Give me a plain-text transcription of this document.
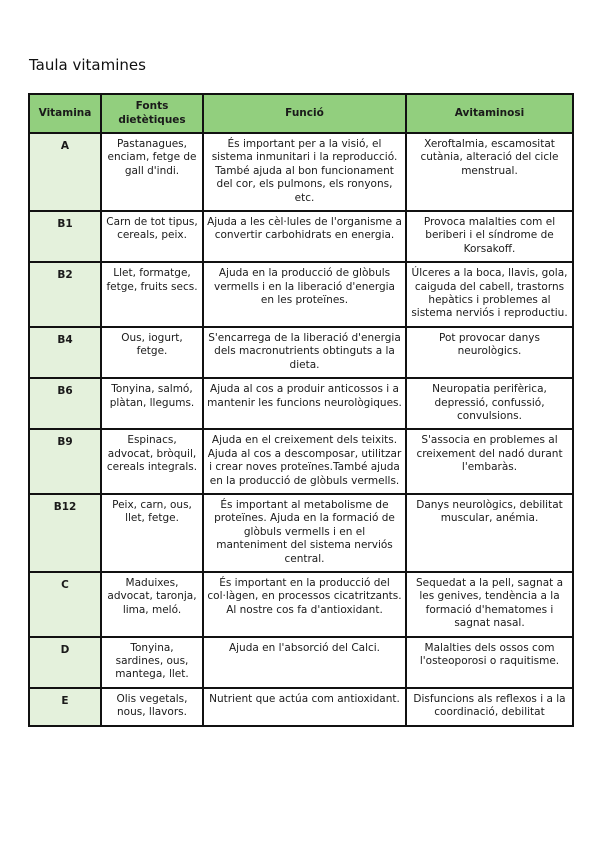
Taula vitamines
Vitamina	Fonts dietètiques	Funció	Avitaminosi
A	Pastanagues, enciam, fetge de gall d'indi.	És important per a la visió, el sistema inmunitari i la reproducció. També ajuda al bon funcionament del cor, els pulmons, els ronyons, etc.	Xeroftalmia, escamositat cutània, alteració del cicle menstrual.
B1	Carn de tot tipus, cereals, peix.	Ajuda a les cèl·lules de l'organisme a convertir carbohidrats en energia.	Provoca malalties com el beriberi i el síndrome de Korsakoff.
B2	Llet, formatge, fetge, fruits secs.	Ajuda en la producció de glòbuls vermells i en la liberació d'energia en les proteïnes.	Úlceres a la boca, llavis, gola, caiguda del cabell, trastorns hepàtics i problemes al sistema nerviós i reproductiu.
B4	Ous, iogurt, fetge.	S'encarrega de la liberació d'energia dels macronutrients obtinguts a la dieta.	Pot provocar danys neurològics.
B6	Tonyina, salmó, plàtan, llegums.	Ajuda al cos a produir anticossos i a mantenir les funcions neurològiques.	Neuropatia perifèrica, depressió, confussió, convulsions.
B9	Espinacs, advocat, bròquil, cereals integrals.	Ajuda en el creixement dels teixits. Ajuda al cos a descomposar, utilitzar i crear noves proteïnes.També ajuda en la producció de glòbuls vermells.	S'associa en problemes al creixement del nadó durant l'embaràs.
B12	Peix, carn, ous, llet, fetge.	És important al metabolisme de proteïnes. Ajuda en la formació de glòbuls vermells i en el manteniment del sistema nerviós central.	Danys neurològics, debilitat muscular, anémia.
C	Maduixes, advocat, taronja, lima, meló.	És important en la producció del col·làgen, en processos cicatritzants. Al nostre cos fa d'antioxidant.	Sequedat a la pell, sagnat a les genives, tendència a la formació d'hematomes i sagnat nasal.
D	Tonyina, sardines, ous, mantega, llet.	Ajuda en l'absorció del Calci.	Malalties dels ossos com l'osteoporosi o raquitisme.
E	Olis vegetals, nous, llavors.	Nutrient que actúa com antioxidant.	Disfuncions als reflexos i a la coordinació, debilitat
